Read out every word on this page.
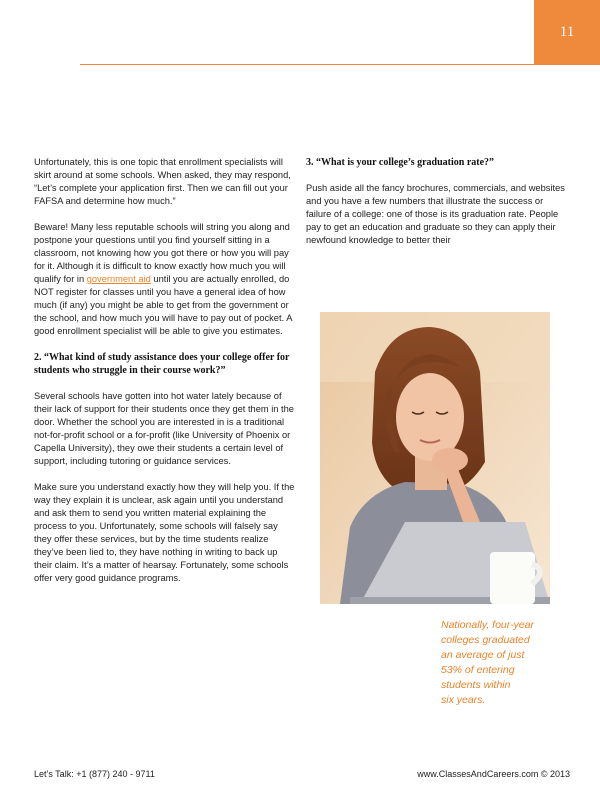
11

Unfortunately, this is one topic that enrollment specialists will skirt around at some schools. When asked, they may respond, “Let’s complete your application first. Then we can fill out your FAFSA and determine how much.”

Beware! Many less reputable schools will string you along and postpone your questions until you find yourself sitting in a classroom, not knowing how you got there or how you will pay for it. Although it is difficult to know exactly how much you will qualify for in government aid until you are actually enrolled, do NOT register for classes until you have a general idea of how much (if any) you might be able to get from the government or the school, and how much you will have to pay out of pocket. A good enrollment specialist will be able to give you estimates.

2. “What kind of study assistance does your college offer for students who struggle in their course work?”

Several schools have gotten into hot water lately because of their lack of support for their students once they get them in the door. Whether the school you are interested in is a traditional not-for-profit school or a for-profit (like University of Phoenix or Capella University), they owe their students a certain level of support, including tutoring or guidance services.

Make sure you understand exactly how they will help you. If the way they explain it is unclear, ask again until you understand and ask them to send you written material explaining the process to you. Unfortunately, some schools will falsely say they offer these services, but by the time students realize they’ve been lied to, they have nothing in writing to back up their claim. It’s a matter of hearsay. Fortunately, some schools offer very good guidance programs.

3. “What is your college’s graduation rate?”

Push aside all the fancy brochures, commercials, and websites and you have a few numbers that illustrate the success or failure of a college: one of those is its graduation rate. People pay to get an education and graduate so they can apply their newfound knowledge to better their

Nationally, four-year
colleges graduated
an average of just
53% of entering
students within
six years.
Let’s Talk: +1 (877) 240 - 9711	www.ClassesAndCareers.com © 2013
